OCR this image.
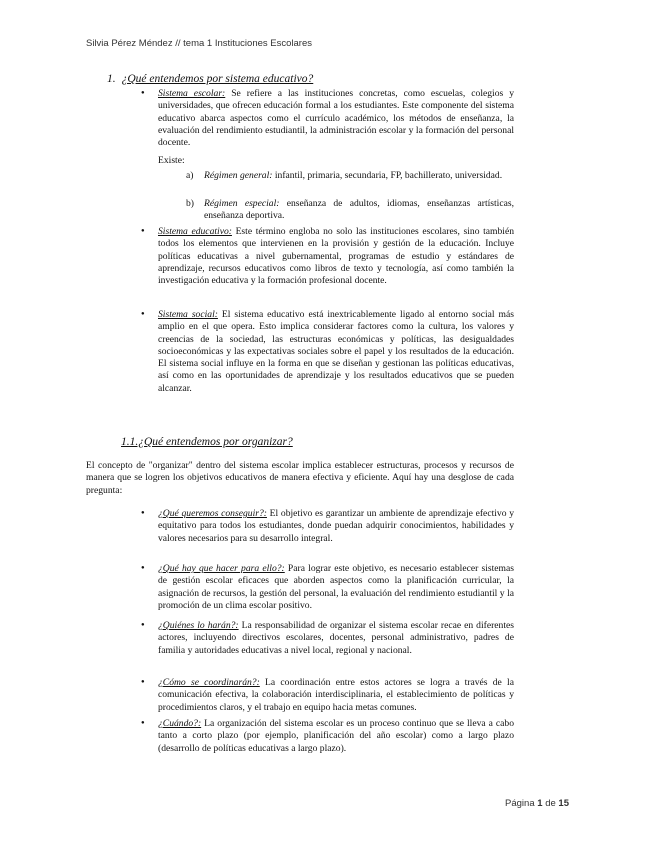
Silvia Pérez Méndez // tema 1 Instituciones Escolares
1. ¿Qué entendemos por sistema educativo?
Sistema escolar: Se refiere a las instituciones concretas, como escuelas, colegios y universidades, que ofrecen educación formal a los estudiantes. Este componente del sistema educativo abarca aspectos como el currículo académico, los métodos de enseñanza, la evaluación del rendimiento estudiantil, la administración escolar y la formación del personal docente.
Existe:
a) Régimen general: infantil, primaria, secundaria, FP, bachillerato, universidad.
b) Régimen especial: enseñanza de adultos, idiomas, enseñanzas artísticas, enseñanza deportiva.
Sistema educativo: Este término engloba no solo las instituciones escolares, sino también todos los elementos que intervienen en la provisión y gestión de la educación. Incluye políticas educativas a nivel gubernamental, programas de estudio y estándares de aprendizaje, recursos educativos como libros de texto y tecnología, así como también la investigación educativa y la formación profesional docente.
Sistema social: El sistema educativo está inextricablemente ligado al entorno social más amplio en el que opera. Esto implica considerar factores como la cultura, los valores y creencias de la sociedad, las estructuras económicas y políticas, las desigualdades socioeconómicas y las expectativas sociales sobre el papel y los resultados de la educación. El sistema social influye en la forma en que se diseñan y gestionan las políticas educativas, así como en las oportunidades de aprendizaje y los resultados educativos que se pueden alcanzar.
1.1.¿Qué entendemos por organizar?
El concepto de "organizar" dentro del sistema escolar implica establecer estructuras, procesos y recursos de manera que se logren los objetivos educativos de manera efectiva y eficiente. Aquí hay una desglose de cada pregunta:
¿Qué queremos conseguir?: El objetivo es garantizar un ambiente de aprendizaje efectivo y equitativo para todos los estudiantes, donde puedan adquirir conocimientos, habilidades y valores necesarios para su desarrollo integral.
¿Qué hay que hacer para ello?: Para lograr este objetivo, es necesario establecer sistemas de gestión escolar eficaces que aborden aspectos como la planificación curricular, la asignación de recursos, la gestión del personal, la evaluación del rendimiento estudiantil y la promoción de un clima escolar positivo.
¿Quiénes lo harán?: La responsabilidad de organizar el sistema escolar recae en diferentes actores, incluyendo directivos escolares, docentes, personal administrativo, padres de familia y autoridades educativas a nivel local, regional y nacional.
¿Cómo se coordinarán?: La coordinación entre estos actores se logra a través de la comunicación efectiva, la colaboración interdisciplinaria, el establecimiento de políticas y procedimientos claros, y el trabajo en equipo hacia metas comunes.
¿Cuándo?: La organización del sistema escolar es un proceso continuo que se lleva a cabo tanto a corto plazo (por ejemplo, planificación del año escolar) como a largo plazo (desarrollo de políticas educativas a largo plazo).
Página 1 de 15
